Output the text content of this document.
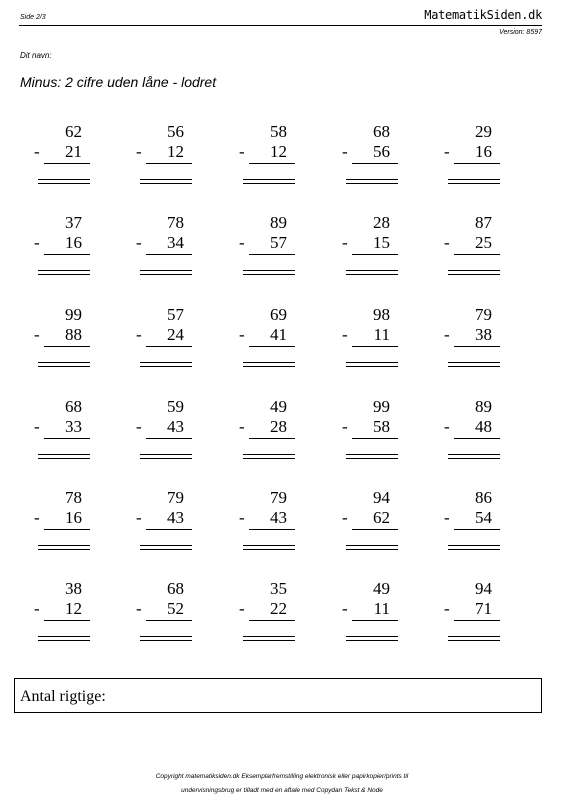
Side 2/3	MatematikSiden.dk
Version: 8597
Dit navn:
Minus: 2 cifre uden låne - lodret
62
- 21
56
- 12
58
- 12
68
- 56
29
- 16
37
- 16
78
- 34
89
- 57
28
- 15
87
- 25
99
- 88
57
- 24
69
- 41
98
- 11
79
- 38
68
- 33
59
- 43
49
- 28
99
- 58
89
- 48
78
- 16
79
- 43
79
- 43
94
- 62
86
- 54
38
- 12
68
- 52
35
- 22
49
- 11
94
- 71
Antal rigtige:
Copyright matematiksiden.dk Eksemplarfremstilling elektronisk eller papirkopier/prints til
undervisningsbrug er tilladt med en aftale med Copydan Tekst & Node
